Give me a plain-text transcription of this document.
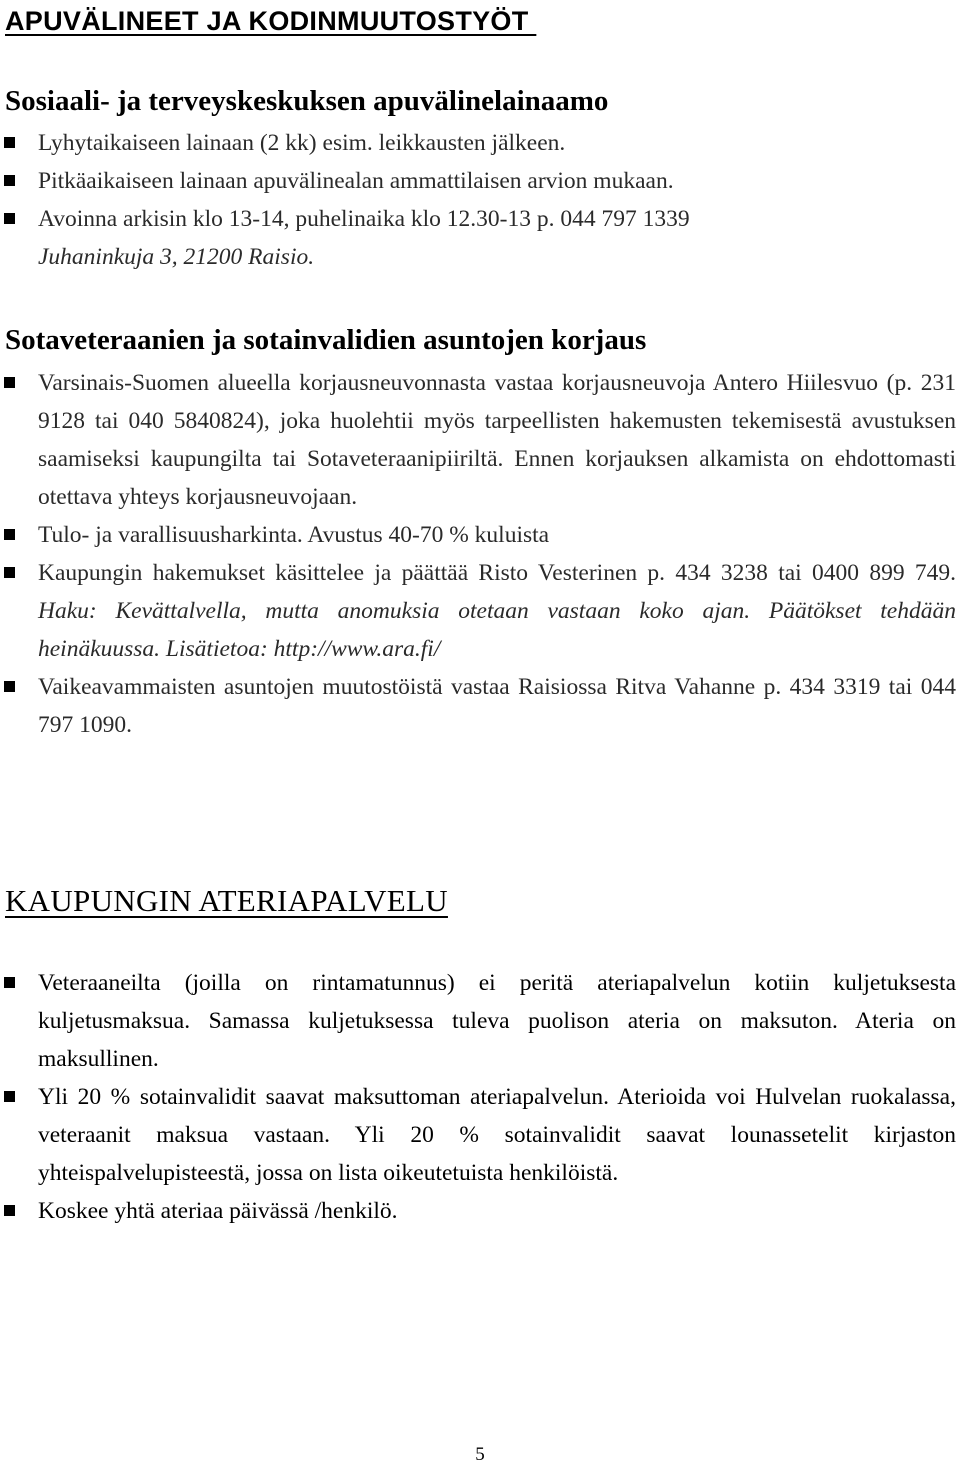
APUVÄLINEET JA KODINMUUTOSTYÖT
Sosiaali- ja terveyskeskuksen apuvälinelainaamo
Lyhytaikaiseen lainaan (2 kk) esim. leikkausten jälkeen.
Pitkäaikaiseen lainaan apuvälinealan ammattilaisen arvion mukaan.
Avoinna arkisin klo 13-14, puhelinaika klo 12.30-13 p. 044 797 1339
Juhaninkuja 3, 21200 Raisio.
Sotaveteraanien ja sotainvalidien asuntojen korjaus
Varsinais-Suomen alueella korjausneuvonnasta vastaa korjausneuvoja Antero Hiilesvuo (p. 231 9128 tai 040 5840824), joka huolehtii myös tarpeellisten hakemusten tekemisestä avustuksen saamiseksi kaupungilta tai Sotaveteraanipiiriltä. Ennen korjauksen alkamista on ehdottomasti otettava yhteys korjausneuvojaan.
Tulo- ja varallisuusharkinta. Avustus 40-70 % kuluista
Kaupungin hakemukset käsittelee ja päättää Risto Vesterinen p. 434 3238 tai 0400 899 749. Haku: Kevättalvella, mutta anomuksia otetaan vastaan koko ajan. Päätökset tehdään heinäkuussa. Lisätietoa: http://www.ara.fi/
Vaikeavammaisten asuntojen muutostöistä vastaa Raisiossa Ritva Vahanne p. 434 3319 tai 044 797 1090.
KAUPUNGIN ATERIAPALVELU
Veteraaneilta (joilla on rintamatunnus) ei peritä ateriapalvelun kotiin kuljetuksesta kuljetusmaksua. Samassa kuljetuksessa tuleva puolison ateria on maksuton. Ateria on maksullinen.
Yli 20 % sotainvalidit saavat maksuttoman ateriapalvelun. Aterioida voi Hulvelan ruokalassa, veteraanit maksua vastaan. Yli 20 % sotainvalidit saavat lounassetelit kirjaston yhteispalvelupisteestä, jossa on lista oikeutetuista henkilöistä.
Koskee yhtä ateriaa päivässä /henkilö.
5
